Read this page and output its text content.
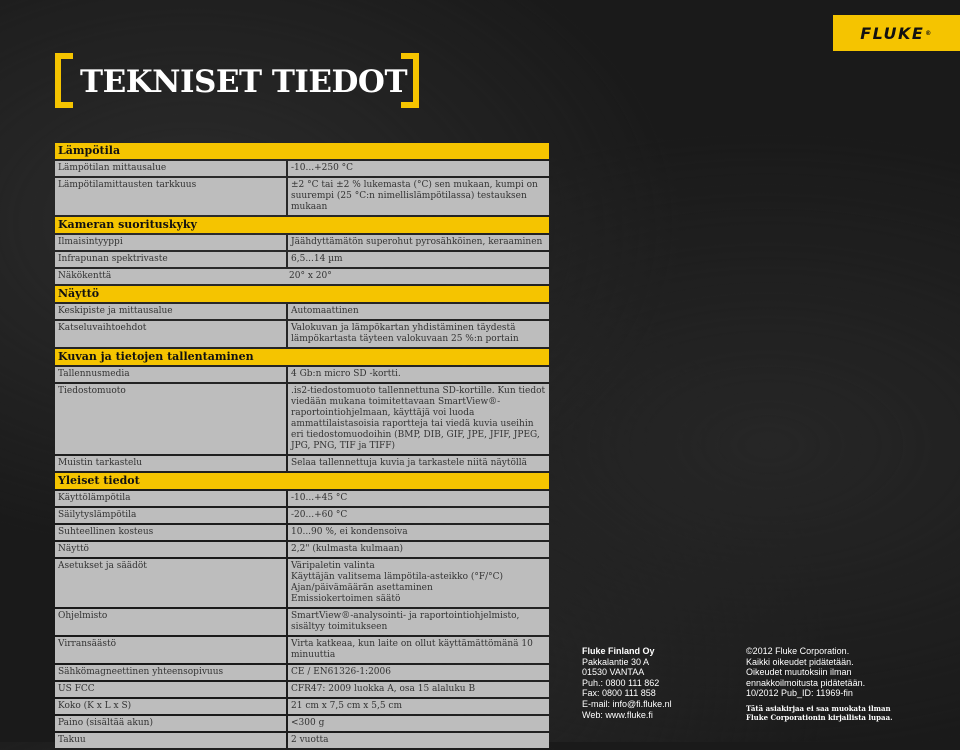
FLUKE ®
TEKNISET TIEDOT
Lämpötila
Lämpötilan mittausalue	-10...+250 °C
Lämpötilamittausten tarkkuus	±2 °C tai ±2 % lukemasta (°C) sen mukaan, kumpi on suurempi (25 °C:n nimellislämpötilassa) testauksen mukaan
Kameran suorituskyky
Ilmaisintyyppi	Jäähdyttämätön superohut pyrosähköinen, keraaminen
Infrapunan spektrivaste	6,5...14 µm
Näkökenttä	20° x 20°
Näyttö
Keskipiste ja mittausalue	Automaattinen
Katseluvaihtoehdot	Valokuvan ja lämpökartan yhdistäminen täydestä lämpökartasta täyteen valokuvaan 25 %:n portain
Kuvan ja tietojen tallentaminen
Tallennusmedia	4 Gb:n micro SD -kortti.
Tiedostomuoto	.is2-tiedostomuoto tallennettuna SD-kortille. Kun tiedot viedään mukana toimitettavaan SmartView®-raportointiohjelmaan, käyttäjä voi luoda ammattilaistasoisia raportteja tai viedä kuvia useihin eri tiedostomuodoihin (BMP, DIB, GIF, JPE, JFIF, JPEG, JPG, PNG, TIF ja TIFF)
Muistin tarkastelu	Selaa tallennettuja kuvia ja tarkastele niitä näytöllä
Yleiset tiedot
Käyttölämpötila	-10...+45 °C
Säilytyslämpötila	-20...+60 °C
Suhteellinen kosteus	10...90 %, ei kondensoiva
Näyttö	2,2" (kulmasta kulmaan)
Asetukset ja säädöt	Väripaletin valinta
Käyttäjän valitsema lämpötila-asteikko (°F/°C)
Ajan/päivämäärän asettaminen
Emissiokertoimen säätö
Ohjelmisto	SmartView®-analysointi- ja raportointiohjelmisto, sisältyy toimitukseen
Virransäästö	Virta katkeaa, kun laite on ollut käyttämättömänä 10 minuuttia
Sähkömagneettinen yhteensopivuus	CE / EN61326-1:2006
US FCC	CFR47: 2009 luokka A, osa 15 alaluku B
Koko (K x L x S)	21 cm x 7,5 cm x 5,5 cm
Paino (sisältää akun)	<300 g
Takuu	2 vuotta
Fluke Finland Oy
Pakkalantie 30 A
01530 VANTAA
Puh.: 0800 111 862
Fax: 0800 111 858
E-mail: info@fi.fluke.nl
Web: www.fluke.fi
©2012 Fluke Corporation.
Kaikki oikeudet pidätetään.
Oikeudet muutoksiin ilman
ennakkoilmoitusta pidätetään.
10/2012 Pub_ID: 11969-fin
Tätä asiakirjaa ei saa muokata ilman
Fluke Corporationin kirjallista lupaa.
